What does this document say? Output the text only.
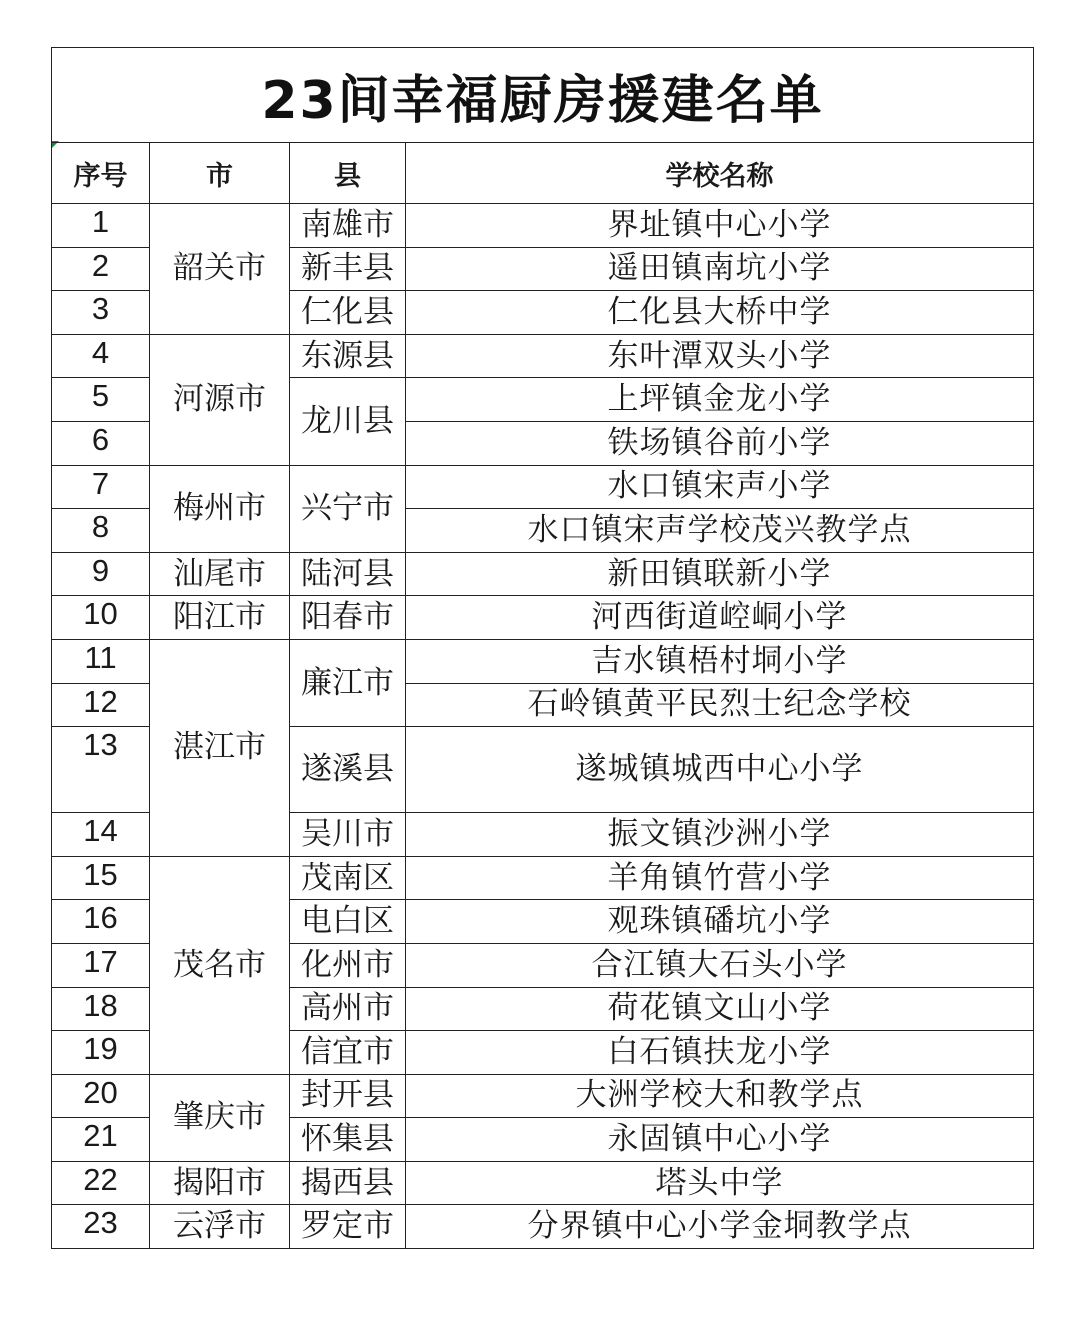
23间幸福厨房援建名单			
序号	市	县	学校名称
1	韶关市	南雄市	界址镇中心小学
2		新丰县	遥田镇南坑小学
3		仁化县	仁化县大桥中学
4	河源市	东源县	东叶潭双头小学
5		龙川县	上坪镇金龙小学
6			铁场镇谷前小学
7	梅州市	兴宁市	水口镇宋声小学
8			水口镇宋声学校茂兴教学点
9	汕尾市	陆河县	新田镇联新小学
10	阳江市	阳春市	河西街道崆峒小学
11	湛江市	廉江市	吉水镇梧村垌小学
12			石岭镇黄平民烈士纪念学校
13		遂溪县	遂城镇城西中心小学
14		吴川市	振文镇沙洲小学
15	茂名市	茂南区	羊角镇竹营小学
16		电白区	观珠镇磻坑小学
17		化州市	合江镇大石头小学
18		高州市	荷花镇文山小学
19		信宜市	白石镇扶龙小学
20	肇庆市	封开县	大洲学校大和教学点
21		怀集县	永固镇中心小学
22	揭阳市	揭西县	塔头中学
23	云浮市	罗定市	分界镇中心小学金垌教学点
